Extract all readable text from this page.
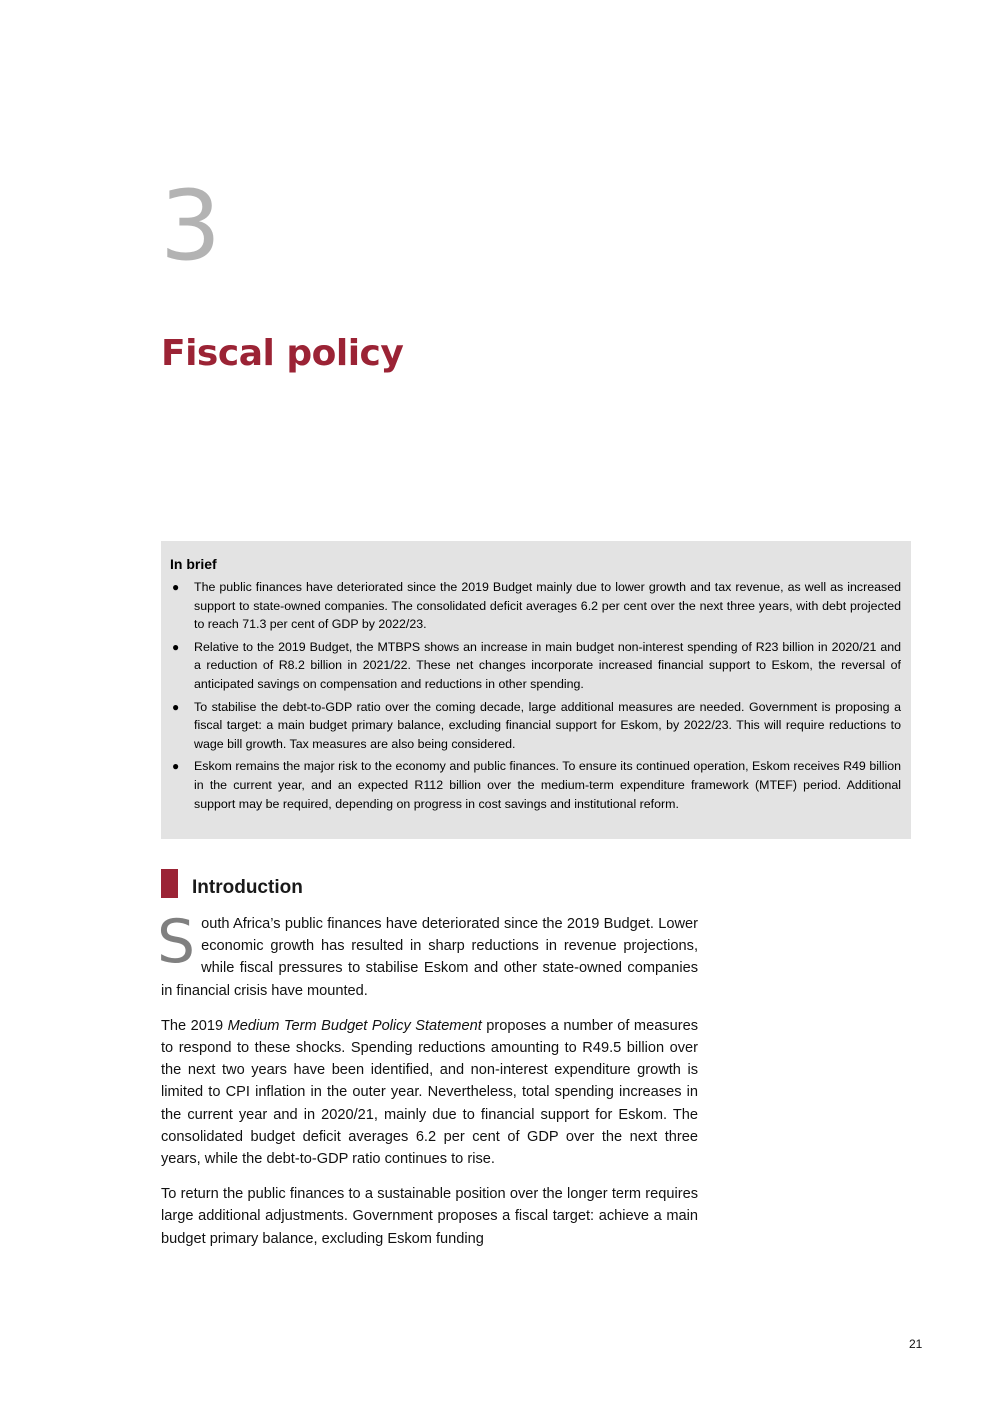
3
Fiscal policy
In brief
● The public finances have deteriorated since the 2019 Budget mainly due to lower growth and tax revenue, as well as increased support to state-owned companies. The consolidated deficit averages 6.2 per cent over the next three years, with debt projected to reach 71.3 per cent of GDP by 2022/23.
● Relative to the 2019 Budget, the MTBPS shows an increase in main budget non-interest spending of R23 billion in 2020/21 and a reduction of R8.2 billion in 2021/22. These net changes incorporate increased financial support to Eskom, the reversal of anticipated savings on compensation and reductions in other spending.
● To stabilise the debt-to-GDP ratio over the coming decade, large additional measures are needed. Government is proposing a fiscal target: a main budget primary balance, excluding financial support for Eskom, by 2022/23. This will require reductions to wage bill growth. Tax measures are also being considered.
● Eskom remains the major risk to the economy and public finances. To ensure its continued operation, Eskom receives R49 billion in the current year, and an expected R112 billion over the medium-term expenditure framework (MTEF) period. Additional support may be required, depending on progress in cost savings and institutional reform.
Introduction

South Africa’s public finances have deteriorated since the 2019 Budget. Lower economic growth has resulted in sharp reductions in revenue projections, while fiscal pressures to stabilise Eskom and other state-owned companies in financial crisis have mounted.

The 2019 Medium Term Budget Policy Statement proposes a number of measures to respond to these shocks. Spending reductions amounting to R49.5 billion over the next two years have been identified, and non-interest expenditure growth is limited to CPI inflation in the outer year. Nevertheless, total spending increases in the current year and in 2020/21, mainly due to financial support for Eskom. The consolidated budget deficit averages 6.2 per cent of GDP over the next three years, while the debt-to-GDP ratio continues to rise.

To return the public finances to a sustainable position over the longer term requires large additional adjustments. Government proposes a fiscal target: achieve a main budget primary balance, excluding Eskom funding

21
